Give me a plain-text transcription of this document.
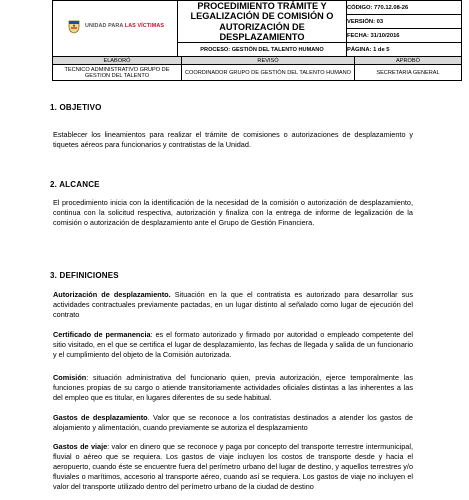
UNIDAD PARA LAS VÍCTIMAS	PROCEDIMIENTO TRÁMITE Y LEGALIZACIÓN DE COMISIÓN O AUTORIZACIÓN DE DESPLAZAMIENTO	CÓDIGO: 770.12.08-26
		VERSIÓN: 03
		FECHA: 31/10/2016
	PROCESO: GESTIÓN DEL TALENTO HUMANO	PÁGINA: 1 de 5
ELABORÓ	REVISÓ	APROBÓ
TECNICO ADMINISTRATIVO GRUPO DE GESTION DEL TALENTO	COORDINADOR GRUPO DE GESTIÓN DEL TALENTO HUMANO	SECRETARIA GENERAL
1. OBJETIVO
Establecer los lineamientos para realizar el trámite de comisiones o autorizaciones de desplazamiento y tiquetes aéreos para funcionarios y contratistas de la Unidad.
2. ALCANCE
El procedimiento inicia con la identificación de la necesidad de la comisión o autorización de desplazamiento, continua con la solicitud respectiva, autorización y finaliza con la entrega de informe de legalización de la comisión o autorización de desplazamiento ante el Grupo de Gestión Financiera.
3. DEFINICIONES
Autorización de desplazamiento. Situación en la que el contratista es autorizado para desarrollar sus actividades contractuales previamente pactadas, en un lugar distinto al señalado como lugar de ejecución del contrato
Certificado de permanencia: es el formato autorizado y firmado por autoridad o empleado competente del sitio visitado, en el que se certifica el lugar de desplazamiento, las fechas de llegada y salida de un funcionario y el cumplimiento del objeto de la Comisión autorizada.
Comisión: situación administrativa del funcionario quien, previa autorización, ejerce temporalmente las funciones propias de su cargo o atiende transitoriamente actividades oficiales distintas a las inherentes a las del empleo que es titular, en lugares diferentes de su sede habitual.
Gastos de desplazamiento. Valor que se reconoce a los contratistas destinados a atender los gastos de alojamiento y alimentación, cuando previamente se autoriza el desplazamiento
Gastos de viaje: valor en dinero que se reconoce y paga por concepto del transporte terrestre intermunicipal, fluvial o aéreo que se requiera. Los gastos de viaje incluyen los costos de transporte desde y hacia el aeropuerto, cuando éste se encuentre fuera del perímetro urbano del lugar de destino, y aquellos terrestres y/o fluviales o marítimos, accesorio al transporte aéreo, cuando así se requiera. Los gastos de viaje no incluyen el valor del transporte utilizado dentro del perímetro urbano de la ciudad de destino
